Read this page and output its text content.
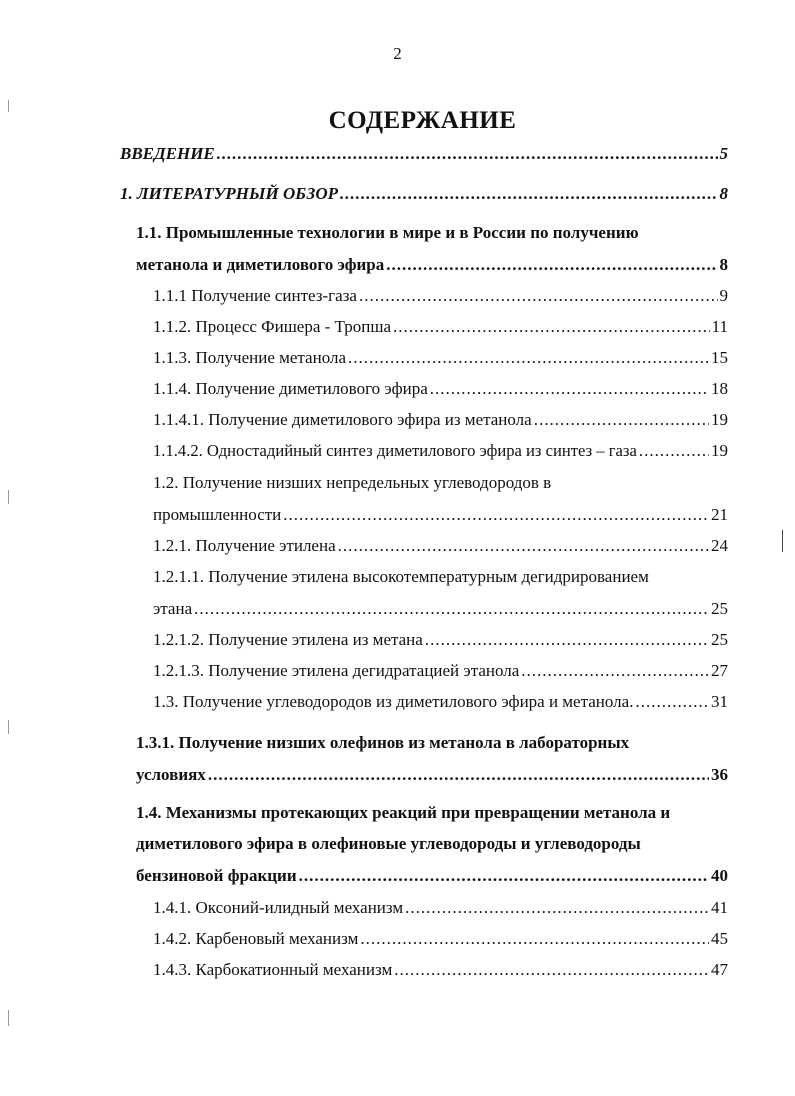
2
СОДЕРЖАНИЕ
ВВЕДЕНИЕ .....	5
1. ЛИТЕРАТУРНЫЙ ОБЗОР .....	8
1.1. Промышленные технологии в мире и в России по получению
метанола и диметилового эфира .....	8
1.1.1 Получение синтез-газа .....	9
1.1.2. Процесс Фишера - Тропша .....	11
1.1.3. Получение метанола .....	15
1.1.4. Получение диметилового эфира .....	18
1.1.4.1. Получение диметилового эфира из метанола .....	19
1.1.4.2. Одностадийный синтез диметилового эфира из синтез – газа .....	19
1.2. Получение низших непредельных углеводородов в
промышленности .....	21
1.2.1. Получение этилена .....	24
1.2.1.1. Получение этилена высокотемпературным дегидрированием
этана .....	25
1.2.1.2. Получение этилена из метана .....	25
1.2.1.3. Получение этилена дегидратацией этанола .....	27
1.3. Получение углеводородов из диметилового эфира и метанола. .....	31
1.3.1. Получение низших олефинов из метанола в лабораторных
условиях .....	36
1.4. Механизмы протекающих реакций при превращении метанола и
диметилового эфира в олефиновые углеводороды и углеводороды
бензиновой фракции .....	40
1.4.1. Оксоний-илидный механизм .....	41
1.4.2. Карбеновый механизм .....	45
1.4.3. Карбокатионный механизм .....	47
